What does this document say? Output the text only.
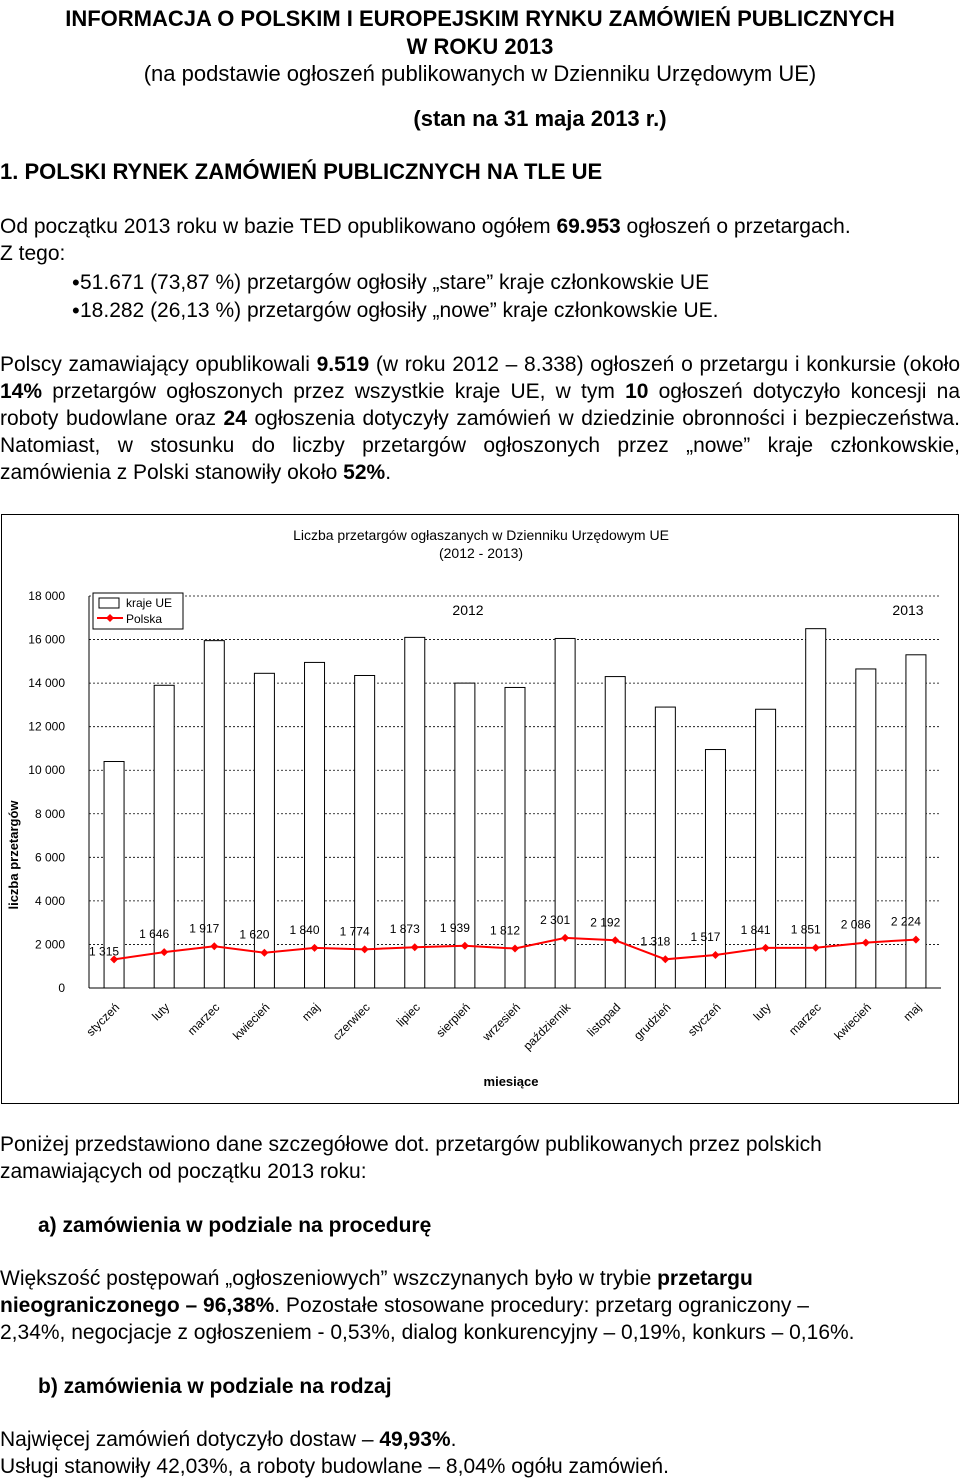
INFORMACJA O POLSKIM I EUROPEJSKIM RYNKU ZAMÓWIEŃ PUBLICZNYCH
W ROKU 2013
(na podstawie ogłoszeń publikowanych w Dzienniku Urzędowym UE)
(stan na 31 maja 2013 r.)
1. POLSKI RYNEK ZAMÓWIEŃ PUBLICZNYCH NA TLE UE
Od początku 2013 roku w bazie TED opublikowano ogółem 69.953 ogłoszeń o przetargach.
Z tego:
• 51.671 (73,87 %) przetargów ogłosiły „stare” kraje członkowskie UE
• 18.282 (26,13 %) przetargów ogłosiły „nowe” kraje członkowskie UE.
Polscy zamawiający opublikowali 9.519 (w roku 2012 – 8.338) ogłoszeń o przetargu i konkursie (około 14% przetargów ogłoszonych przez wszystkie kraje UE, w tym 10 ogłoszeń dotyczyło koncesji na roboty budowlane oraz 24 ogłoszenia dotyczyły zamówień w dziedzinie obronności i bezpieczeństwa. Natomiast, w stosunku do liczby przetargów ogłoszonych przez „nowe” kraje członkowskie, zamówienia z Polski stanowiły około 52%.
Liczba przetargów ogłaszanych w Dzienniku Urzędowym UE
(2012 - 2013)
liczba przetargów
miesiące
0
2 000
4 000
6 000
8 000
10 000
12 000
14 000
16 000
18 000
1 315
1 646 1 917 1 620 1 840 1 774 1 873 1 939 1 812
2 301 2 192
1 318 1 517
1 841 1 851 2 086 2 224
styczeń luty marzec kwiecień maj czerwiec lipiec sierpień wrzesień
październik listopad grudzień styczeń luty marzec kwiecień maj
2012	2013
kraje UE
Polska
Poniżej przedstawiono dane szczegółowe dot. przetargów publikowanych przez polskich zamawiających od początku 2013 roku:
a) zamówienia w podziale na procedurę
Większość postępowań „ogłoszeniowych” wszczynanych było w trybie przetargu
nieograniczonego – 96,38%. Pozostałe stosowane procedury: przetarg ograniczony –
2,34%, negocjacje z ogłoszeniem - 0,53%, dialog konkurencyjny – 0,19%, konkurs – 0,16%.
b) zamówienia w podziale na rodzaj
Najwięcej zamówień dotyczyło dostaw – 49,93%.
Usługi stanowiły 42,03%, a roboty budowlane – 8,04% ogółu zamówień.
